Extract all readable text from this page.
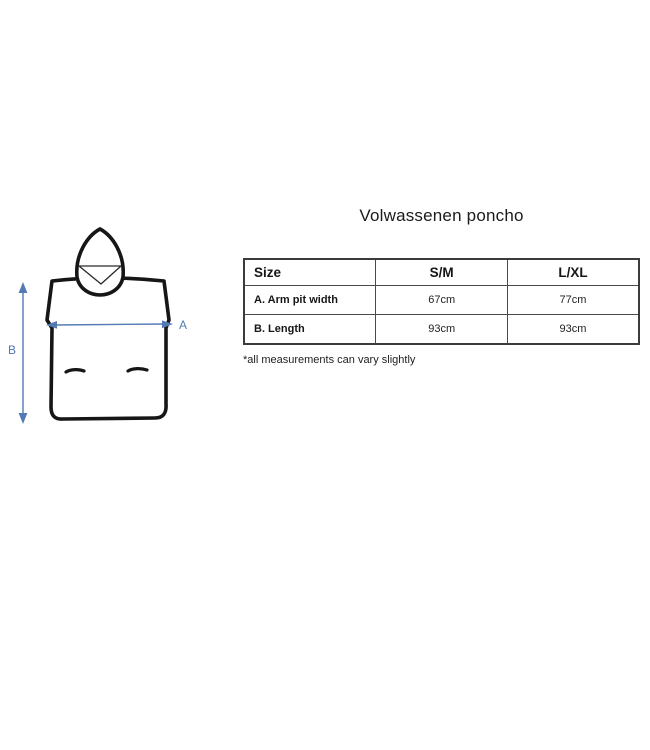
Volwassenen poncho
A
B
Size	S/M	L/XL
A. Arm pit width	67cm	77cm
B. Length	93cm	93cm
*all measurements can vary slightly
